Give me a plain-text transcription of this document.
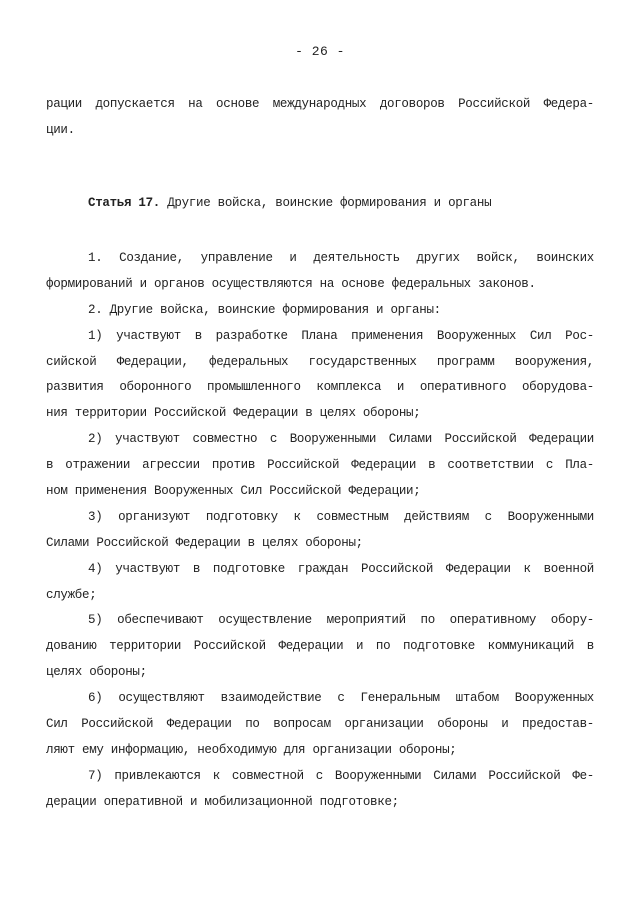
- 26 -
рации допускается на основе международных договоров Российской Федера-
ции.
Статья 17. Другие войска, воинские формирования и органы
1. Создание, управление и деятельность других войск, воинских
формирований и органов осуществляются на основе федеральных законов.
2. Другие войска, воинские формирования и органы:
1) участвуют в разработке Плана применения Вооруженных Сил Рос-
сийской Федерации, федеральных государственных программ вооружения,
развития оборонного промышленного комплекса и оперативного оборудова-
ния территории Российской Федерации в целях обороны;
2) участвуют совместно с Вооруженными Силами Российской Федерации
в отражении агрессии против Российской Федерации в соответствии с Пла-
ном применения Вооруженных Сил Российской Федерации;
3) организуют подготовку к совместным действиям с Вооруженными
Силами Российской Федерации в целях обороны;
4) участвуют в подготовке граждан Российской Федерации к военной
службе;
5) обеспечивают осуществление мероприятий по оперативному обору-
дованию территории Российской Федерации и по подготовке коммуникаций в
целях обороны;
6) осуществляют взаимодействие с Генеральным штабом Вооруженных
Сил Российской Федерации по вопросам организации обороны и предостав-
ляют ему информацию, необходимую для организации обороны;
7) привлекаются к совместной с Вооруженными Силами Российской Фе-
дерации оперативной и мобилизационной подготовке;
